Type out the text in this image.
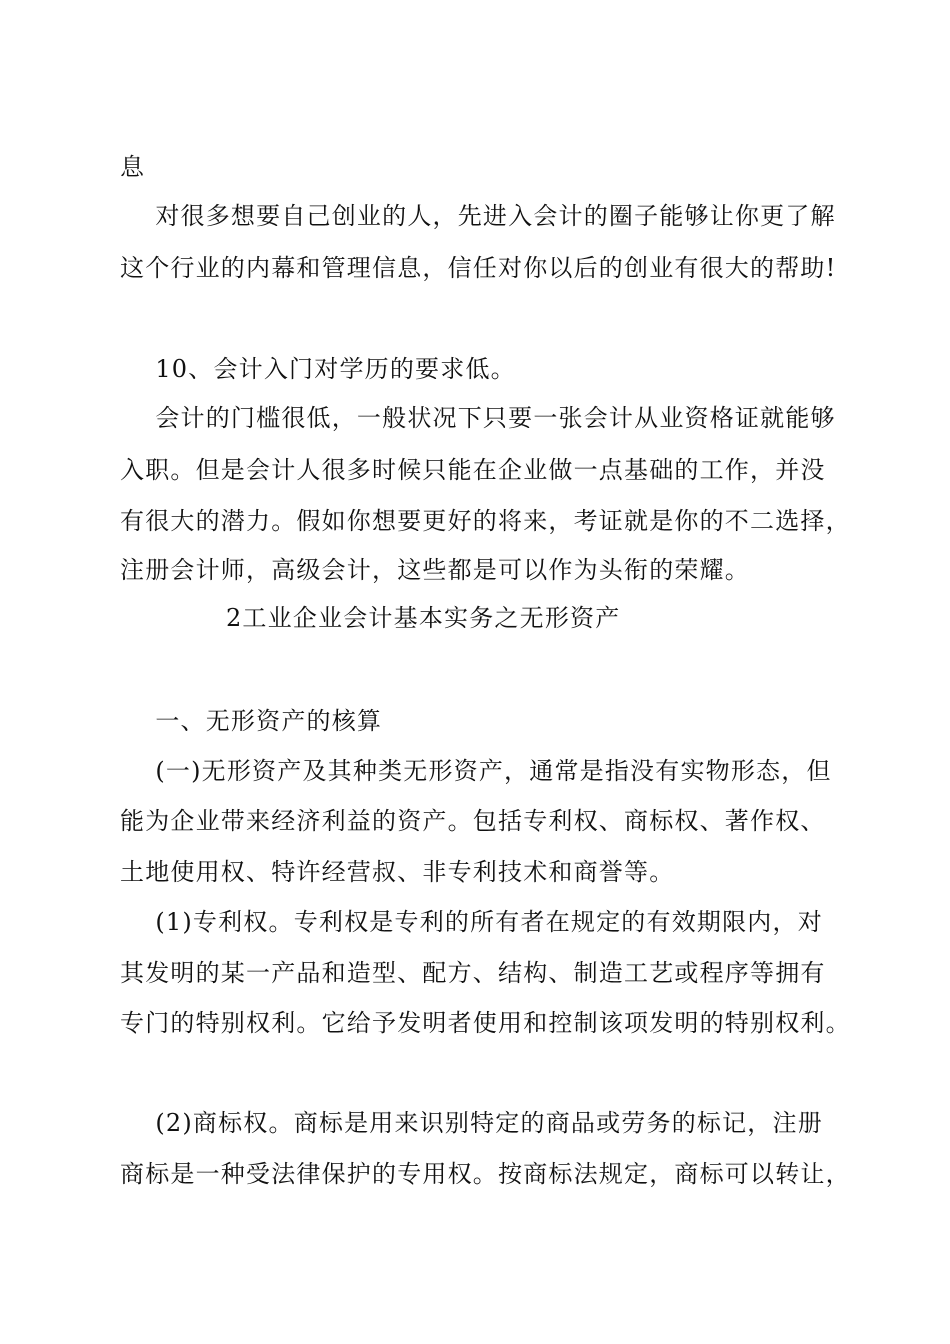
息
对很多想要自己创业的人，先进入会计的圈子能够让你更了解
这个行业的内幕和管理信息，信任对你以后的创业有很大的帮助!
10、会计入门对学历的要求低。
会计的门槛很低，一般状况下只要一张会计从业资格证就能够
入职。但是会计人很多时候只能在企业做一点基础的工作，并没
有很大的潜力。假如你想要更好的将来，考证就是你的不二选择，
注册会计师，高级会计，这些都是可以作为头衔的荣耀。
2工业企业会计基本实务之无形资产
一、无形资产的核算
(一)无形资产及其种类无形资产，通常是指没有实物形态，但
能为企业带来经济利益的资产。包括专利权、商标权、著作权、
土地使用权、特许经营叔、非专利技术和商誉等。
(1)专利权。专利权是专利的所有者在规定的有效期限内，对
其发明的某一产品和造型、配方、结构、制造工艺或程序等拥有
专门的特别权利。它给予发明者使用和控制该项发明的特别权利。
(2)商标权。商标是用来识别特定的商品或劳务的标记，注册
商标是一种受法律保护的专用权。按商标法规定，商标可以转让，
